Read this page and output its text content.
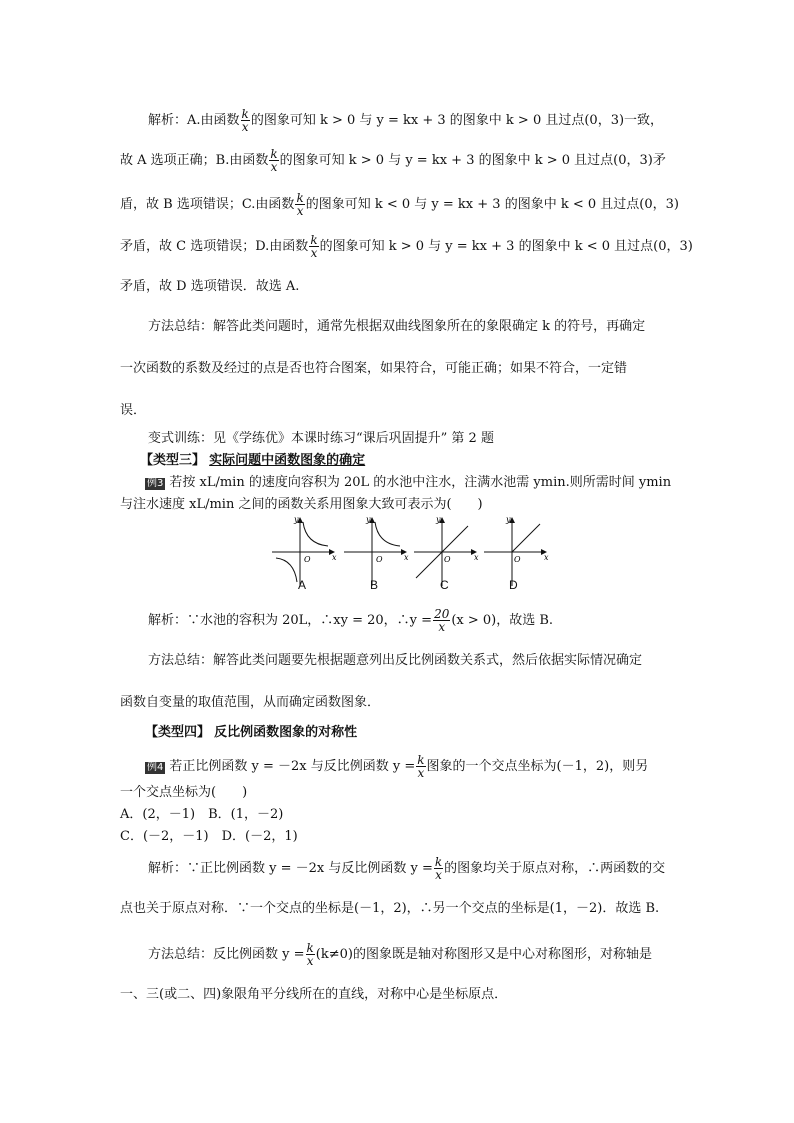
解析：A.由函数 $\frac{k}{x}$ 的图象可知 k > 0 与 y = kx + 3 的图象中 k > 0 且过点(0，3)一致，
故 A 选项正确；B.由函数 $\frac{k}{x}$ 的图象可知 k > 0 与 y = kx + 3 的图象中 k > 0 且过点(0，3)矛
盾，故 B 选项错误；C.由函数 $\frac{k}{x}$ 的图象可知 k < 0 与 y = kx + 3 的图象中 k < 0 且过点(0，3)
矛盾，故 C 选项错误；D.由函数 $\frac{k}{x}$ 的图象可知 k > 0 与 y = kx + 3 的图象中 k < 0 且过点(0，3)
矛盾，故 D 选项错误．故选 A.
方法总结：解答此类问题时，通常先根据双曲线图象所在的象限确定 k 的符号，再确定
一次函数的系数及经过的点是否也符合图案，如果符合，可能正确；如果不符合，一定错
误．
变式训练：见《学练优》本课时练习“课后巩固提升” 第 2 题
【类型三】 实际问题中函数图象的确定
例3 若按 xL/min 的速度向容积为 20L 的水池中注水，注满水池需 ymin.则所需时间 ymin
与注水速度 xL/min 之间的函数关系用图象大致可表示为(　　)
y
x
O
y
x
O
y
x
O
y
x
O
A	B	C	D
解析：∵水池的容积为 20L，∴xy = 20，∴y = $\frac{20}{x} (x > 0)$，故选 B.
方法总结：解答此类问题要先根据题意列出反比例函数关系式，然后依据实际情况确定
函数自变量的取值范围，从而确定函数图象．
【类型四】 反比例函数图象的对称性
例4 若正比例函数 y = －2x 与反比例函数 $y = \frac{k}{x}$ 图象的一个交点坐标为(－1，2)，则另
一个交点坐标为(　　)
A．(2，－1)　B．(1，－2)
C．(－2，－1)　D．(－2，1)
解析：∵正比例函数 y = －2x 与反比例函数 $y = \frac{k}{x}$ 的图象均关于原点对称，∴两函数的交
点也关于原点对称．∵一个交点的坐标是(－1，2)，∴另一个交点的坐标是(1，－2)．故选 B.
方法总结：反比例函数 $y = \frac{k}{x} (k\ne 0)$的图象既是轴对称图形又是中心对称图形，对称轴是
一、三(或二、四)象限角平分线所在的直线，对称中心是坐标原点．
